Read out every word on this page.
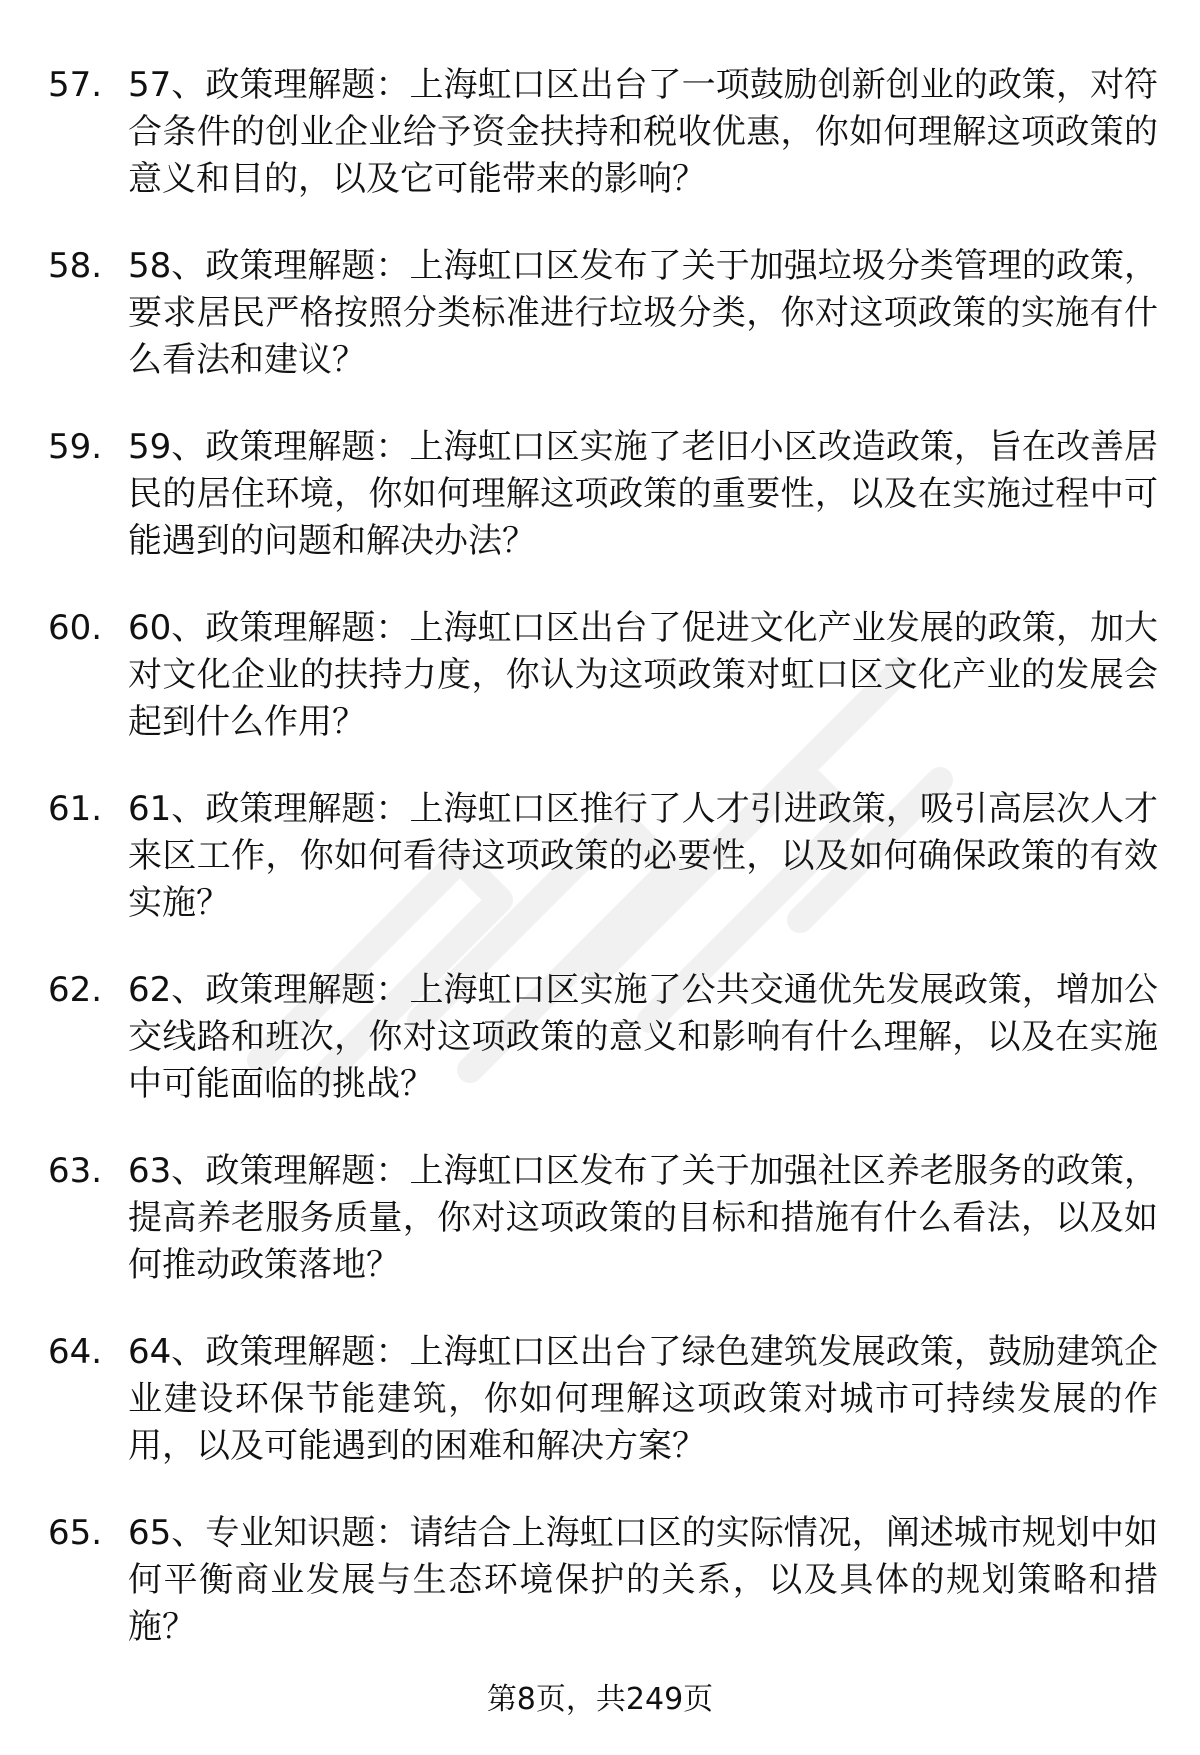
57. 57、政策理解题：上海虹口区出台了一项鼓励创新创业的政策，对符合条件的创业企业给予资金扶持和税收优惠，你如何理解这项政策的意义和目的，以及它可能带来的影响？
58. 58、政策理解题：上海虹口区发布了关于加强垃圾分类管理的政策，要求居民严格按照分类标准进行垃圾分类，你对这项政策的实施有什么看法和建议？
59. 59、政策理解题：上海虹口区实施了老旧小区改造政策，旨在改善居民的居住环境，你如何理解这项政策的重要性，以及在实施过程中可能遇到的问题和解决办法？
60. 60、政策理解题：上海虹口区出台了促进文化产业发展的政策，加大对文化企业的扶持力度，你认为这项政策对虹口区文化产业的发展会起到什么作用？
61. 61、政策理解题：上海虹口区推行了人才引进政策，吸引高层次人才来区工作，你如何看待这项政策的必要性，以及如何确保政策的有效实施？
62. 62、政策理解题：上海虹口区实施了公共交通优先发展政策，增加公交线路和班次，你对这项政策的意义和影响有什么理解，以及在实施中可能面临的挑战？
63. 63、政策理解题：上海虹口区发布了关于加强社区养老服务的政策，提高养老服务质量，你对这项政策的目标和措施有什么看法，以及如何推动政策落地？
64. 64、政策理解题：上海虹口区出台了绿色建筑发展政策，鼓励建筑企业建设环保节能建筑，你如何理解这项政策对城市可持续发展的作用，以及可能遇到的困难和解决方案？
65. 65、专业知识题：请结合上海虹口区的实际情况，阐述城市规划中如何平衡商业发展与生态环境保护的关系，以及具体的规划策略和措施？
第8页，共249页
